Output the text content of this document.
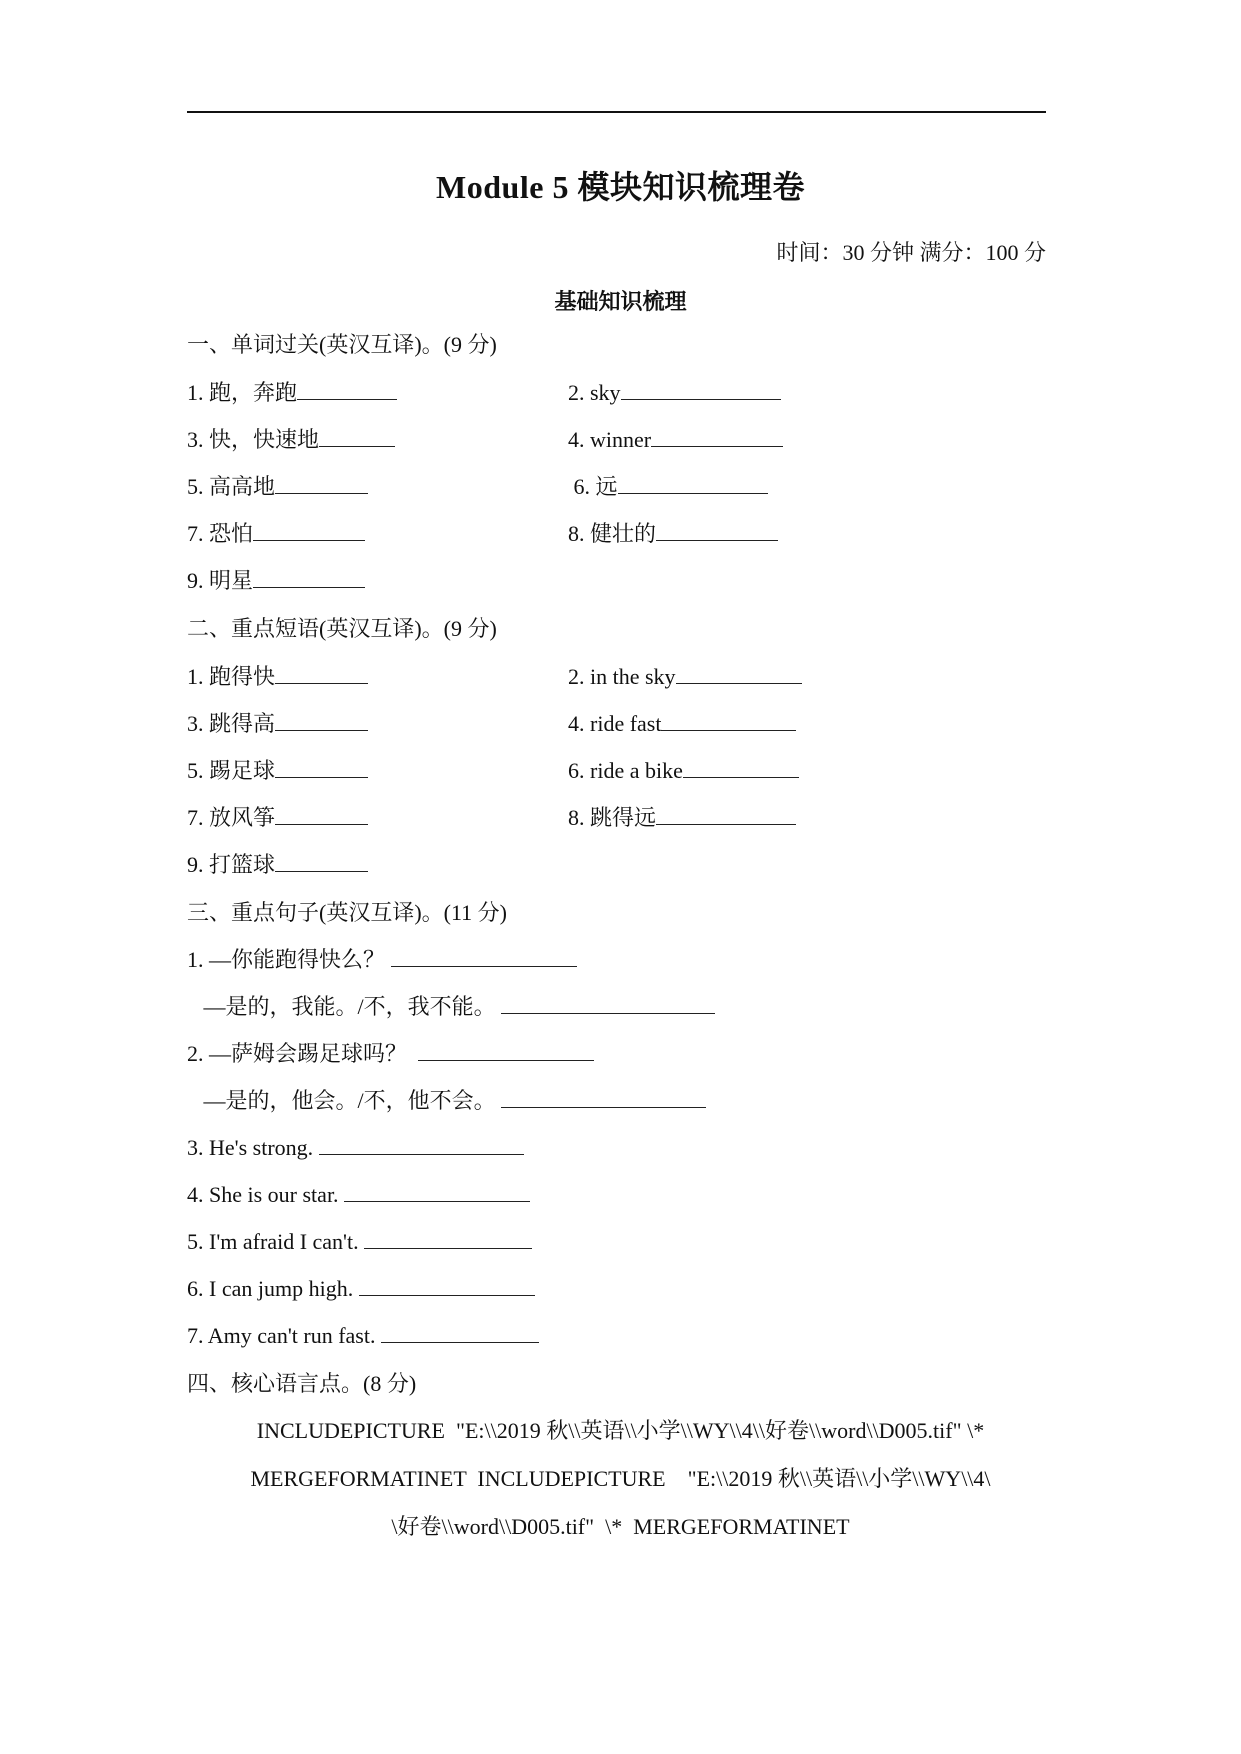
Module 5 模块知识梳理卷
时间：30 分钟 满分：100 分
基础知识梳理
一、单词过关(英汉互译)。(9 分)
1. 跑，奔跑	2. sky
3. 快，快速地	4. winner
5. 高高地	6. 远
7. 恐怕	8. 健壮的
9. 明星
二、重点短语(英汉互译)。(9 分)
1. 跑得快	2. in the sky
3. 跳得高	4. ride fast
5. 踢足球	6. ride a bike
7. 放风筝	8. 跳得远
9. 打篮球
三、重点句子(英汉互译)。(11 分)
1. —你能跑得快么？
—是的，我能。/不，我不能。
2. —萨姆会踢足球吗？
—是的，他会。/不，他不会。
3. He's strong.
4. She is our star.
5. I'm afraid I can't.
6. I can jump high.
7. Amy can't run fast.
四、核心语言点。(8 分)
INCLUDEPICTURE  "E:\\2019 秋\\英语\\小学\\WY\\4\\好卷\\word\\D005.tif" \*
MERGEFORMATINET  INCLUDEPICTURE    "E:\\2019 秋\\英语\\小学\\WY\\4\
\好卷\\word\\D005.tif"  \*  MERGEFORMATINET
